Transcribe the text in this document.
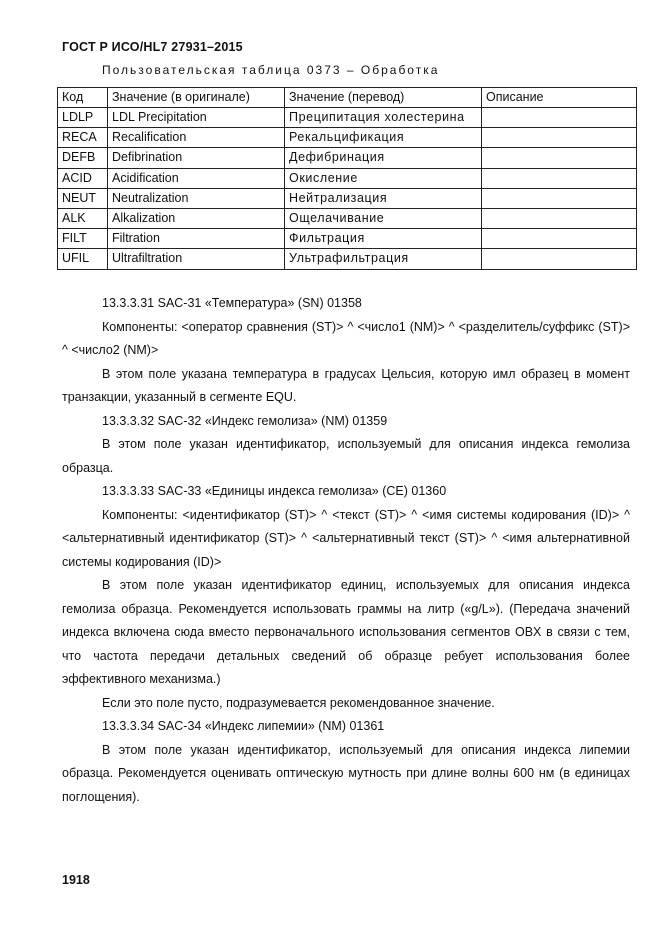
ГОСТ Р ИСО/HL7 27931–2015
Пользовательская таблица 0373 – Обработка
Код	Значение (в оригинале)	Значение (перевод)	Описание
LDLP	LDL Precipitation	Преципитация холестерина	
RECA	Recalification	Рекальцификация	
DEFB	Defibrination	Дефибринация	
ACID	Acidification	Окисление	
NEUT	Neutralization	Нейтрализация	
ALK	Alkalization	Ощелачивание	
FILT	Filtration	Фильтрация	
UFIL	Ultrafiltration	Ультрафильтрация	

13.3.3.31 SAC-31 «Температура» (SN) 01358

Компоненты: <оператор сравнения (ST)> ^ <число1 (NM)> ^ <разделитель/суффикс (ST)> ^ <число2 (NM)>

В этом поле указана температура в градусах Цельсия, которую имл образец в момент транзакции, указанный в сегменте EQU.

13.3.3.32 SAC-32 «Индекс гемолиза» (NM) 01359

В этом поле указан идентификатор, используемый для описания индекса гемолиза образца.

13.3.3.33 SAC-33 «Единицы индекса гемолиза» (CE) 01360

Компоненты: <идентификатор (ST)> ^ <текст (ST)> ^ <имя системы кодирования (ID)> ^ <альтернативный идентификатор (ST)> ^ <альтернативный текст (ST)> ^ <имя альтернативной системы кодирования (ID)>

В этом поле указан идентификатор единиц, используемых для описания индекса гемолиза образца. Рекомендуется использовать граммы на литр («g/L»). (Передача значений индекса включена сюда вместо первоначального использования сегментов OBX в связи с тем, что частота передачи детальных сведений об образце ребует использования более эффективного механизма.)

Если это поле пусто, подразумевается рекомендованное значение.

13.3.3.34 SAC-34 «Индекс липемии» (NM) 01361

В этом поле указан идентификатор, используемый для описания индекса липемии образца. Рекомендуется оценивать оптическую мутность при длине волны 600 нм (в единицах поглощения).

1918
